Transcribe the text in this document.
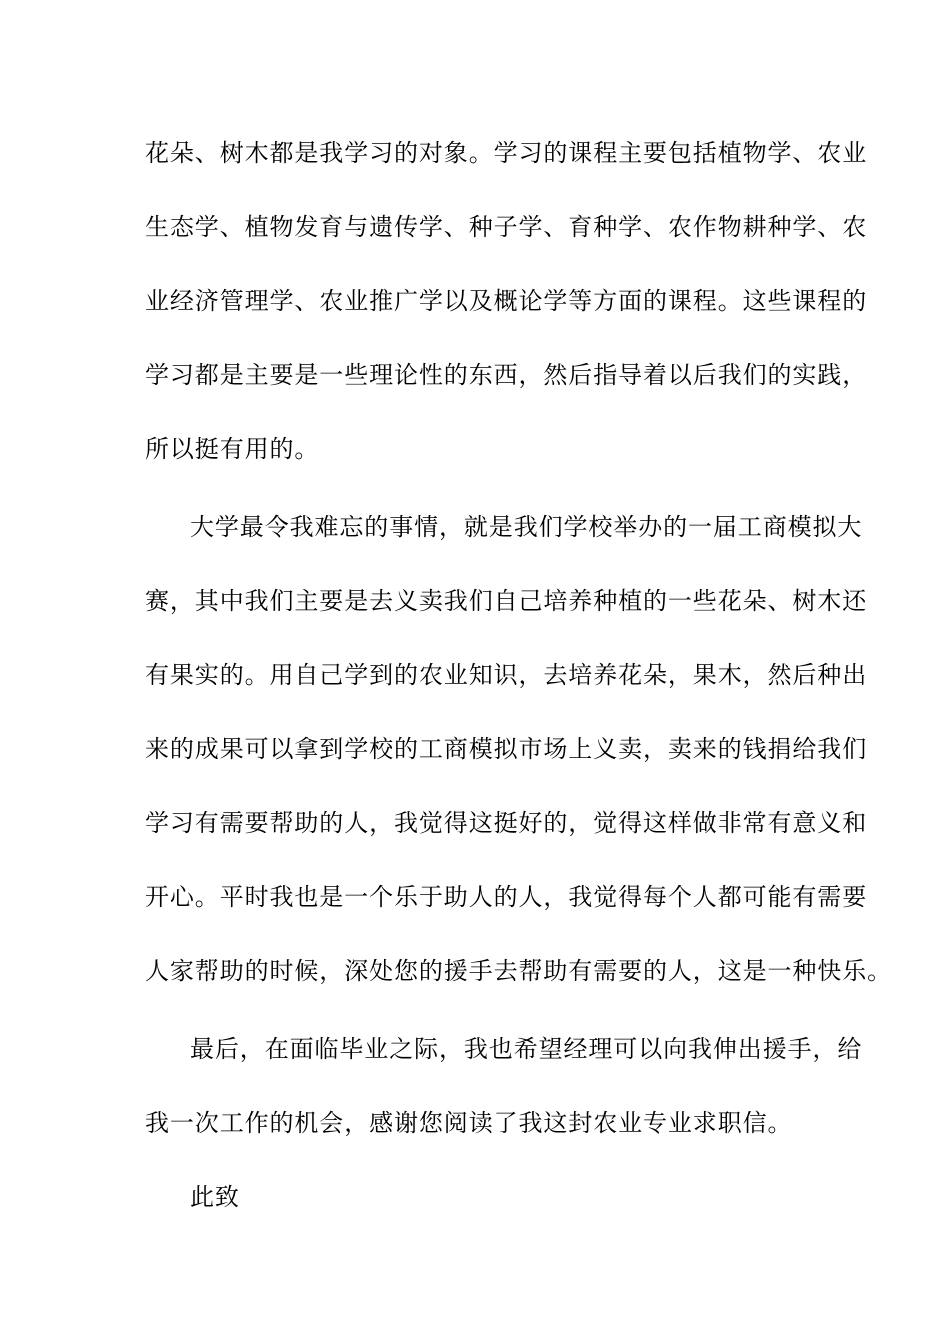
花朵、树木都是我学习的对象。学习的课程主要包括植物学、农业
生态学、植物发育与遗传学、种子学、育种学、农作物耕种学、农
业经济管理学、农业推广学以及概论学等方面的课程。这些课程的
学习都是主要是一些理论性的东西，然后指导着以后我们的实践，
所以挺有用的。
大学最令我难忘的事情，就是我们学校举办的一届工商模拟大
赛，其中我们主要是去义卖我们自己培养种植的一些花朵、树木还
有果实的。用自己学到的农业知识，去培养花朵，果木，然后种出
来的成果可以拿到学校的工商模拟市场上义卖，卖来的钱捐给我们
学习有需要帮助的人，我觉得这挺好的，觉得这样做非常有意义和
开心。平时我也是一个乐于助人的人，我觉得每个人都可能有需要
人家帮助的时候，深处您的援手去帮助有需要的人，这是一种快乐。
最后，在面临毕业之际，我也希望经理可以向我伸出援手，给
我一次工作的机会，感谢您阅读了我这封农业专业求职信。
此致
